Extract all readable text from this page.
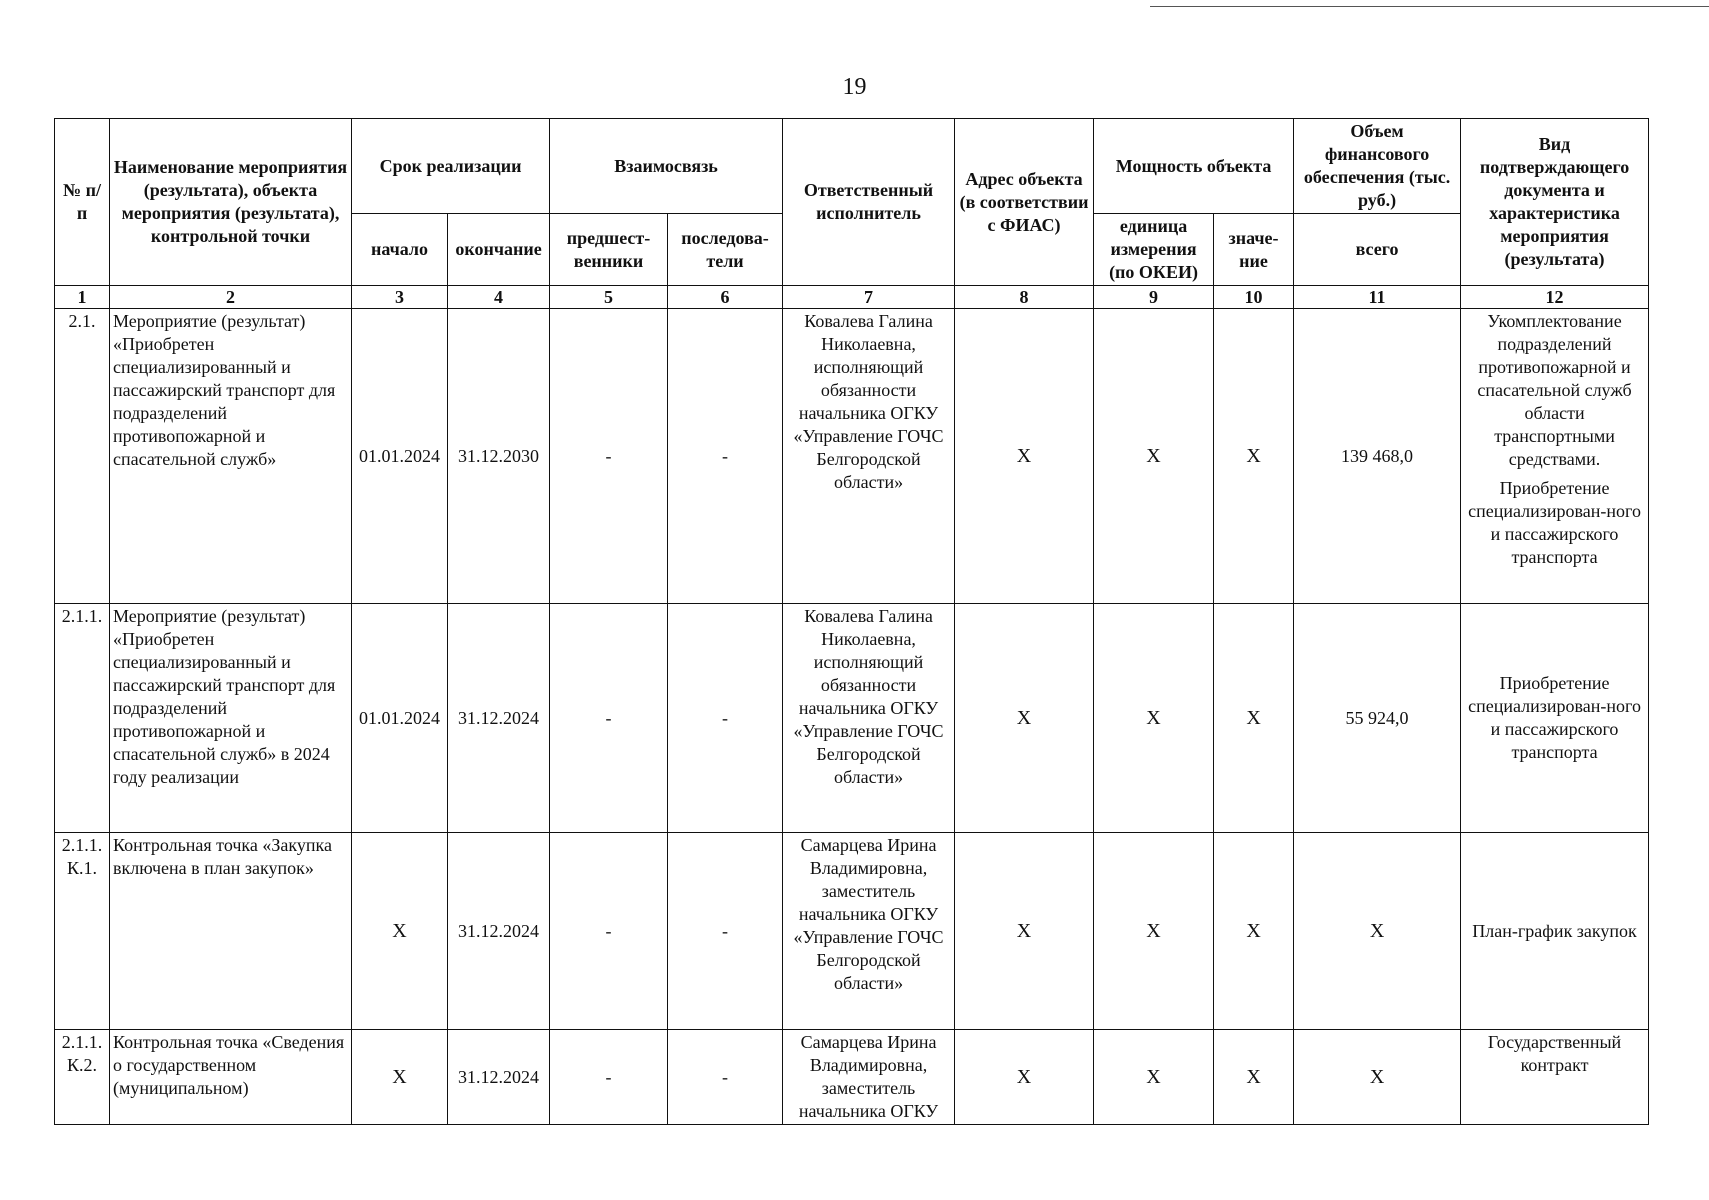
19
№ п/п	Наименование мероприятия (результата), объекта мероприятия (результата), контрольной точки	Срок реализации		Взаимосвязь		Ответственный исполнитель	Адрес объекта (в соответствии с ФИАС)	Мощность объекта		Объем финансового обеспечения (тыс. руб.)	Вид подтверждающего документа и характеристика мероприятия (результата)
		начало	окончание	предшест-венники	последова-тели			единица измерения (по ОКЕИ)	значе-ние	всего	
1	2	3	4	5	6	7	8	9	10	11	12
2.1.	Мероприятие (результат) «Приобретен специализированный и пассажирский транспорт для подразделений противопожарной и спасательной служб»	01.01.2024	31.12.2030	-	-	Ковалева Галина Николаевна, исполняющий обязанности начальника ОГКУ «Управление ГОЧС Белгородской области»	Х	Х	Х	139 468,0	Укомплектование подразделений противопожарной и спасательной служб области транспортными средствами.
Приобретение специализирован-ного и пассажирского транспорта

2.1.1.	Мероприятие (результат) «Приобретен специализированный и пассажирский транспорт для подразделений противопожарной и спасательной служб» в 2024 году реализации	01.01.2024	31.12.2024	-	-	Ковалева Галина Николаевна, исполняющий обязанности начальника ОГКУ «Управление ГОЧС Белгородской области»	Х	Х	Х	55 924,0	Приобретение специализирован-ного и пассажирского транспорта
2.1.1. К.1.	Контрольная точка «Закупка включена в план закупок»	Х	31.12.2024	-	-	Самарцева Ирина Владимировна, заместитель начальника ОГКУ «Управление ГОЧС Белгородской области»	Х	Х	Х	Х	План-график закупок
2.1.1. К.2.	Контрольная точка «Сведения о государственном (муниципальном)	Х	31.12.2024	-	-	Самарцева Ирина Владимировна, заместитель начальника ОГКУ	Х	Х	Х	Х	Государственный контракт
